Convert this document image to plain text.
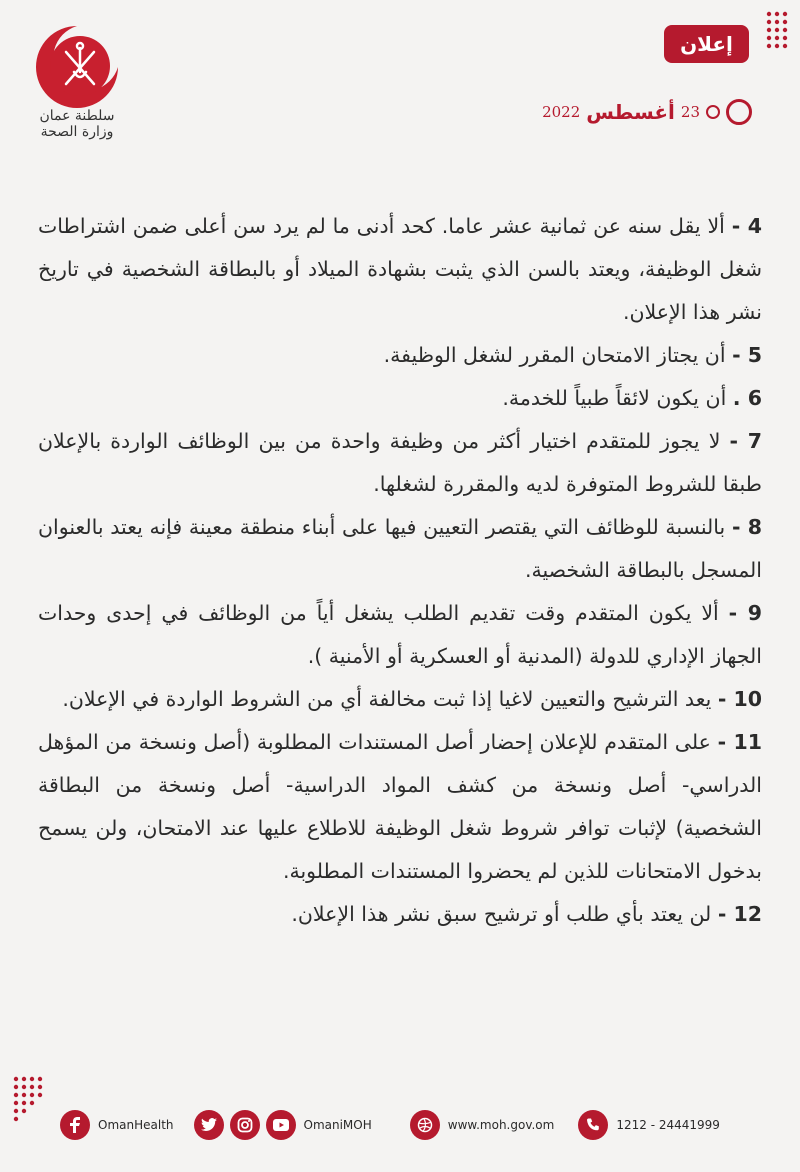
سلطنة عمان
وزارة الصحة
إعلان
2022 أغسطس 23

4 - ألا يقل سنه عن ثمانية عشر عاما. كحد أدنى ما لم يرد سن أعلى ضمن اشتراطات شغل الوظيفة، ويعتد بالسن الذي يثبت بشهادة الميلاد أو بالبطاقة الشخصية في تاريخ نشر هذا الإعلان.

5 - أن يجتاز الامتحان المقرر لشغل الوظيفة.

6 . أن يكون لائقاً طبياً للخدمة.

7 - لا يجوز للمتقدم اختيار أكثر من وظيفة واحدة من بين الوظائف الواردة بالإعلان طبقا للشروط المتوفرة لديه والمقررة لشغلها.

8 - بالنسبة للوظائف التي يقتصر التعيين فيها على أبناء منطقة معينة فإنه يعتد بالعنوان المسجل بالبطاقة الشخصية.

9 - ألا يكون المتقدم وقت تقديم الطلب يشغل أياً من الوظائف في إحدى وحدات الجهاز الإداري للدولة (المدنية أو العسكرية أو الأمنية ).

10 - يعد الترشيح والتعيين لاغيا إذا ثبت مخالفة أي من الشروط الواردة في الإعلان.

11 - على المتقدم للإعلان إحضار أصل المستندات المطلوبة (أصل ونسخة من المؤهل الدراسي- أصل ونسخة من كشف المواد الدراسية- أصل ونسخة من البطاقة الشخصية) لإثبات توافر شروط شغل الوظيفة للاطلاع عليها عند الامتحان، ولن يسمح بدخول الامتحانات للذين لم يحضروا المستندات المطلوبة.

12 - لن يعتد بأي طلب أو ترشيح سبق نشر هذا الإعلان.

OmanHealth	OmaniMOH	www.moh.gov.om	1212 - 24441999
